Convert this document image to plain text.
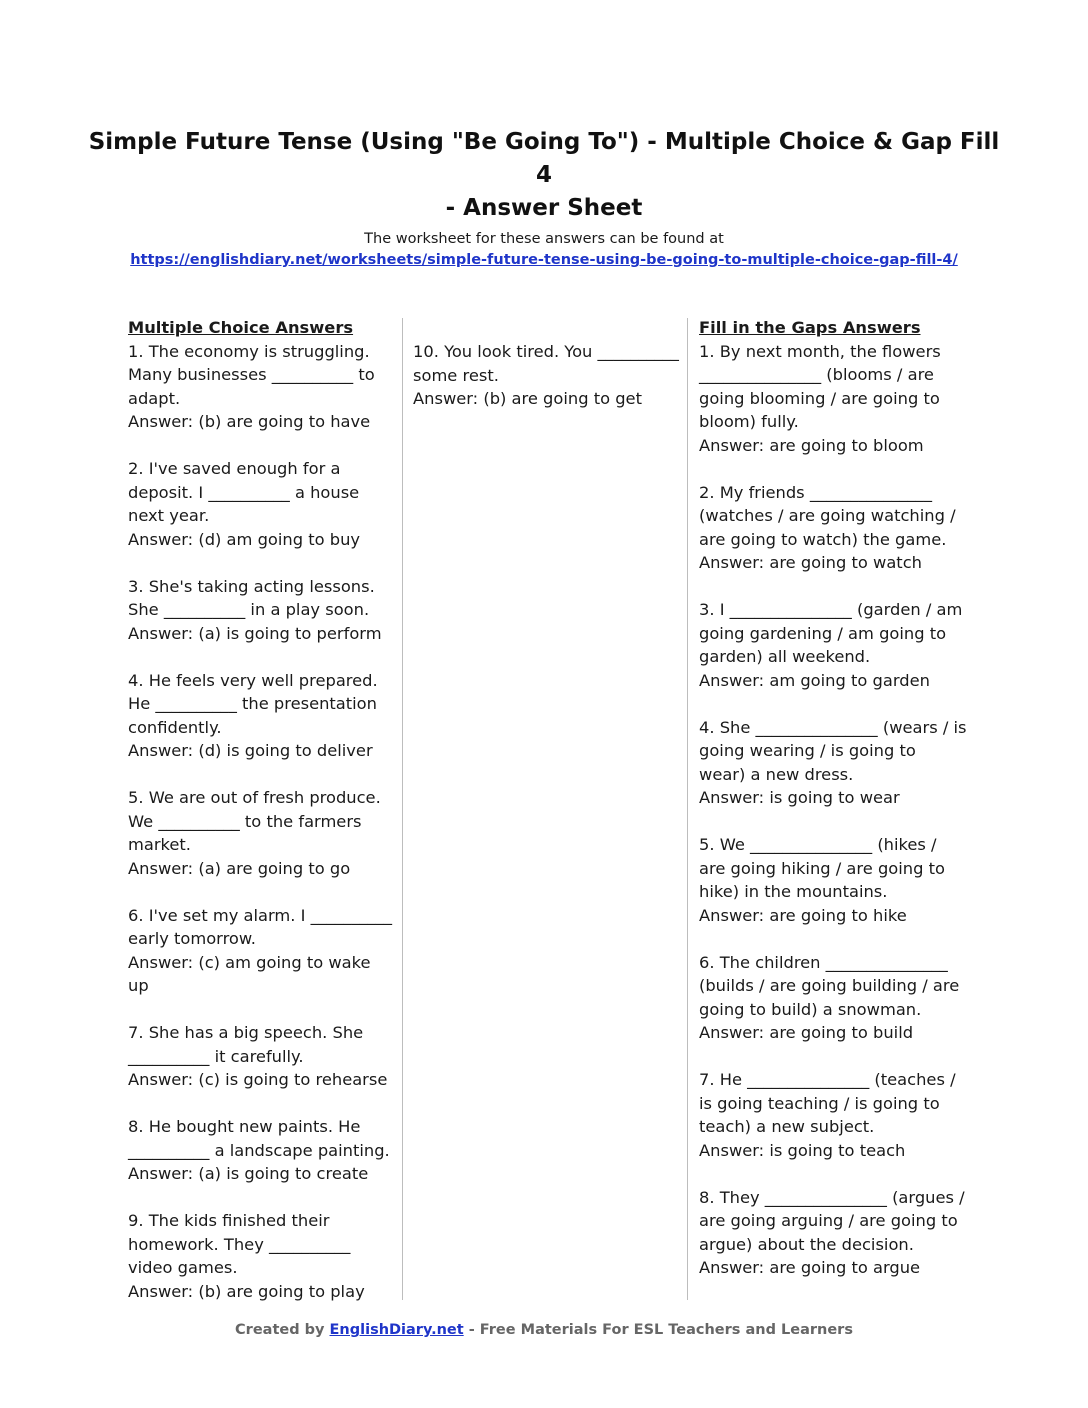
Simple Future Tense (Using "Be Going To") - Multiple Choice & Gap Fill

4

- Answer Sheet

The worksheet for these answers can be found at
https://englishdiary.net/worksheets/simple-future-tense-using-be-going-to-multiple-choice-gap-fill-4/
Multiple Choice Answers
1. The economy is struggling. Many businesses __________ to adapt.
Answer: (b) are going to have
2. I've saved enough for a deposit. I __________ a house next year.
Answer: (d) am going to buy
3. She's taking acting lessons. She __________ in a play soon.
Answer: (a) is going to perform
4. He feels very well prepared. He __________ the presentation confidently.
Answer: (d) is going to deliver
5. We are out of fresh produce. We __________ to the farmers market.
Answer: (a) are going to go
6. I've set my alarm. I __________ early tomorrow.
Answer: (c) am going to wake up
7. She has a big speech. She __________ it carefully.
Answer: (c) is going to rehearse
8. He bought new paints. He __________ a landscape painting.
Answer: (a) is going to create
9. The kids finished their homework. They __________ video games.
Answer: (b) are going to play
10. You look tired. You __________ some rest.
Answer: (b) are going to get
Fill in the Gaps Answers
1. By next month, the flowers _______________ (blooms / are going blooming / are going to bloom) fully.
Answer: are going to bloom
2. My friends _______________ (watches / are going watching / are going to watch) the game.
Answer: are going to watch
3. I _______________ (garden / am going gardening / am going to garden) all weekend.
Answer: am going to garden
4. She _______________ (wears / is going wearing / is going to wear) a new dress.
Answer: is going to wear
5. We _______________ (hikes / are going hiking / are going to hike) in the mountains.
Answer: are going to hike
6. The children _______________ (builds / are going building / are going to build) a snowman.
Answer: are going to build
7. He _______________ (teaches / is going teaching / is going to teach) a new subject.
Answer: is going to teach
8. They _______________ (argues / are going arguing / are going to argue) about the decision.
Answer: are going to argue
Created by EnglishDiary.net - Free Materials For ESL Teachers and Learners
